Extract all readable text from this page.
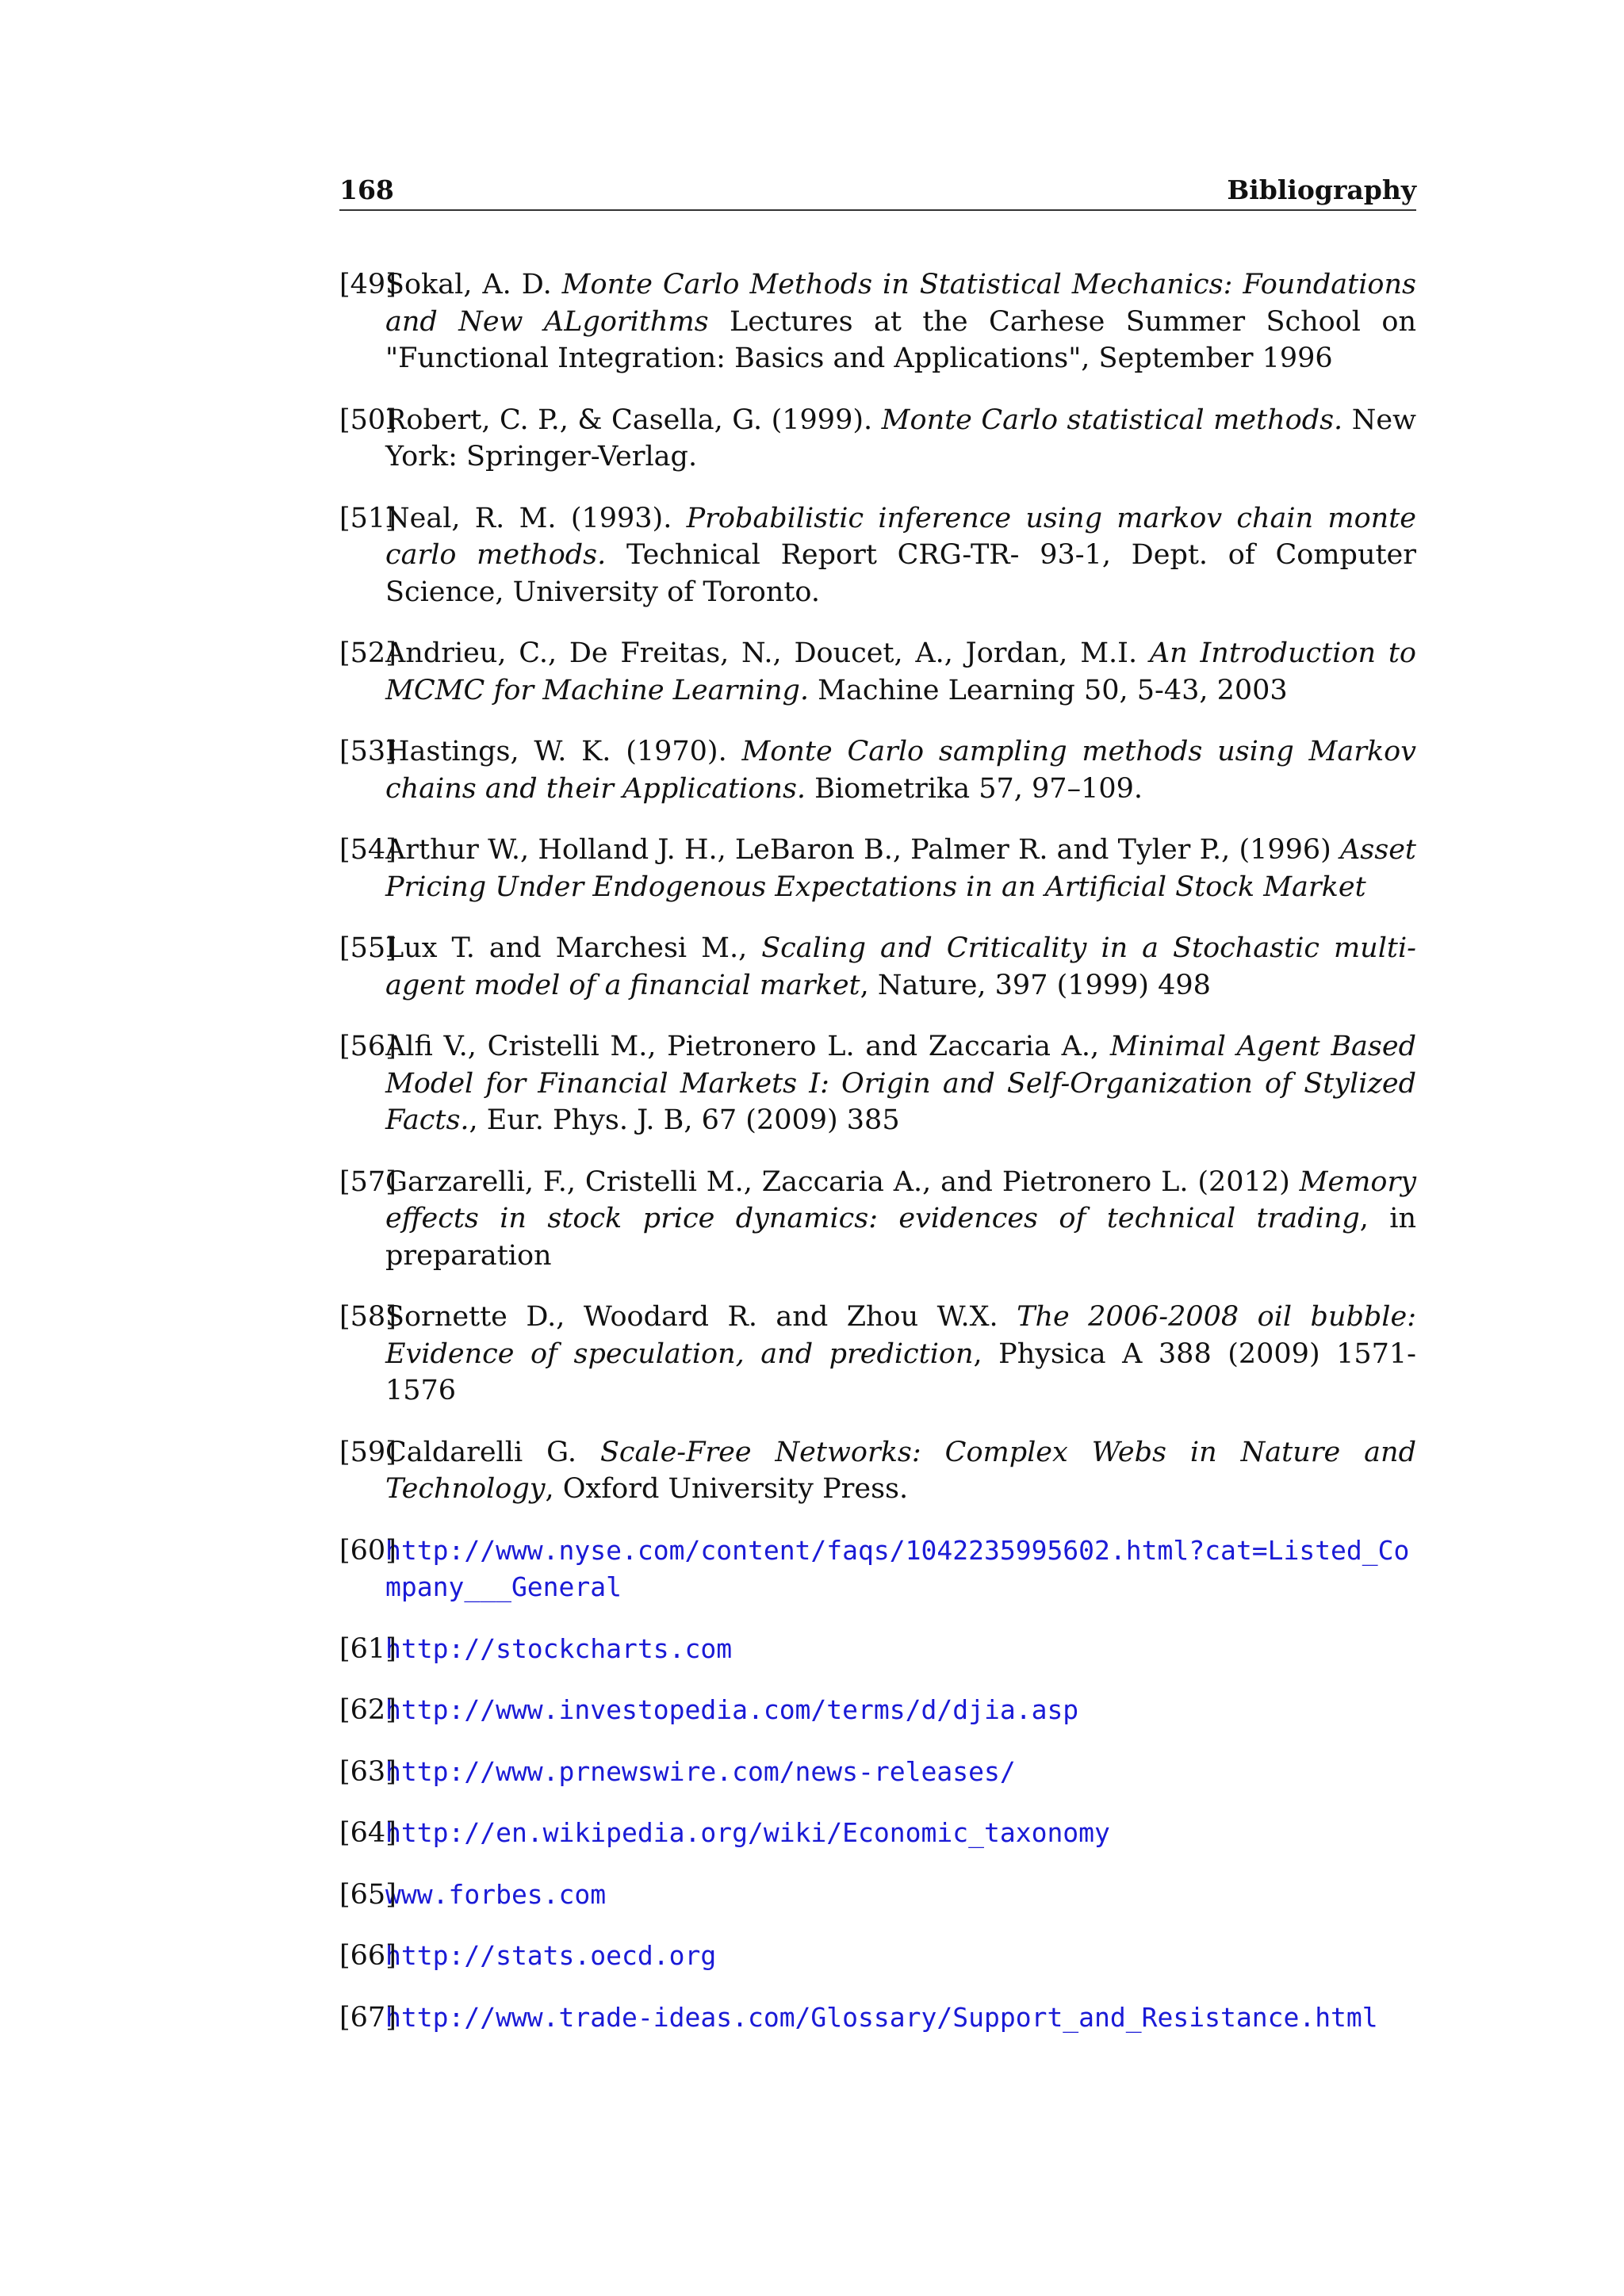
168	Bibliography
[49]
Sokal, A. D. Monte Carlo Methods in Statistical Mechanics: Foundations and New ALgorithms Lectures at the Carhese Summer School on "Functional Integration: Basics and Applications", September 1996
[50]
Robert, C. P., & Casella, G. (1999). Monte Carlo statistical methods. New York: Springer-Verlag.
[51]
Neal, R. M. (1993). Probabilistic inference using markov chain monte carlo methods. Technical Report CRG-TR- 93-1, Dept. of Computer Science, University of Toronto.
[52]
Andrieu, C., De Freitas, N., Doucet, A., Jordan, M.I. An Introduction to MCMC for Machine Learning. Machine Learning 50, 5-43, 2003
[53]
Hastings, W. K. (1970). Monte Carlo sampling methods using Markov chains and their Applications. Biometrika 57, 97–109.
[54]
Arthur W., Holland J. H., LeBaron B., Palmer R. and Tyler P., (1996) Asset Pricing Under Endogenous Expectations in an Artificial Stock Market
[55]
Lux T. and Marchesi M., Scaling and Criticality in a Stochastic multi-agent model of a financial market, Nature, 397 (1999) 498
[56]
Alfi V., Cristelli M., Pietronero L. and Zaccaria A., Minimal Agent Based Model for Financial Markets I: Origin and Self-Organization of Stylized Facts., Eur. Phys. J. B, 67 (2009) 385
[57]
Garzarelli, F., Cristelli M., Zaccaria A., and Pietronero L. (2012) Memory effects in stock price dynamics: evidences of technical trading, in preparation
[58]
Sornette D., Woodard R. and Zhou W.X. The 2006-2008 oil bubble: Evidence of speculation, and prediction, Physica A 388 (2009) 1571-1576
[59]
Caldarelli G. Scale-Free Networks: Complex Webs in Nature and Technology, Oxford University Press.
[60]
http://www.nyse.com/content/faqs/1042235995602.html?cat=Listed_Company___General
[61]
http://stockcharts.com
[62]
http://www.investopedia.com/terms/d/djia.asp
[63]
http://www.prnewswire.com/news-releases/
[64]
http://en.wikipedia.org/wiki/Economic_taxonomy
[65]
www.forbes.com
[66]
http://stats.oecd.org
[67]
http://www.trade-ideas.com/Glossary/Support_and_Resistance.html
